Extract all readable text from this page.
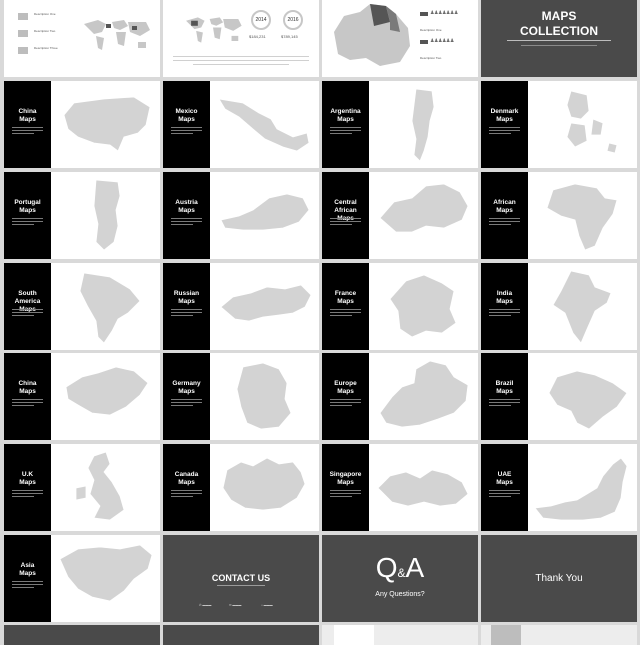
Description One
Description Two
Description Three
2014	2016
$184,231	$789,145
♟♟♟♟♟♟♟
Description One
♟♟♟♟♟♟
Description Two
MAPS
COLLECTION
China
Maps
Mexico
Maps
Argentina
Maps
Denmark
Maps
Portugal
Maps
Austria
Maps
Central African
African
Maps
South America
Russian
Maps
France
Maps
India
Maps
China
Maps
Germany
Maps
Europe
Maps
Brazil
Maps
U.K
Maps
Canada
Maps
Singapore
Maps
UAE
Maps
Asia
Maps	CONTACT US
✆ ▬▬▬	✉ ▬▬▬	⌂ ▬▬▬
Q&A
Any Questions?
Thank You
